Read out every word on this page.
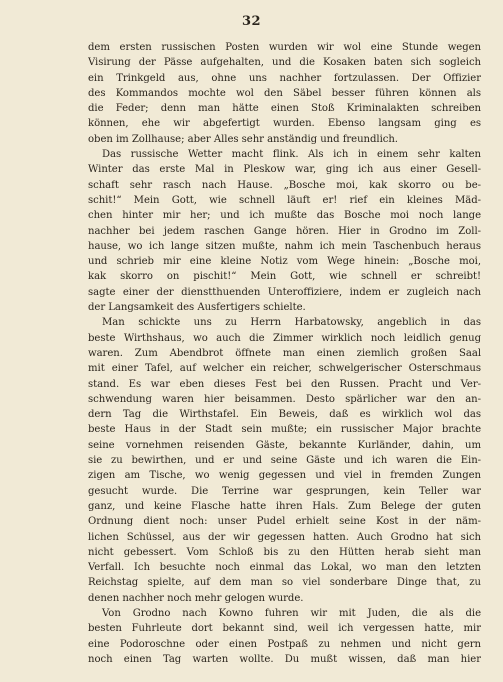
32
dem ersten russischen Posten wurden wir wol eine Stunde wegen
Visirung der Pässe aufgehalten, und die Kosaken baten sich sogleich
ein Trinkgeld aus, ohne uns nachher fortzulassen. Der Offizier
des Kommandos mochte wol den Säbel besser führen können als
die Feder; denn man hätte einen Stoß Kriminalakten schreiben
können, ehe wir abgefertigt wurden. Ebenso langsam ging es
oben im Zollhause; aber Alles sehr anständig und freundlich.
Das russische Wetter macht flink. Als ich in einem sehr kalten
Winter das erste Mal in Pleskow war, ging ich aus einer Gesell-
schaft sehr rasch nach Hause. „Bosche moi, kak skorro ou be-
schit!“ Mein Gott, wie schnell läuft er! rief ein kleines Mäd-
chen hinter mir her; und ich mußte das Bosche moi noch lange
nachher bei jedem raschen Gange hören. Hier in Grodno im Zoll-
hause, wo ich lange sitzen mußte, nahm ich mein Taschenbuch heraus
und schrieb mir eine kleine Notiz vom Wege hinein: „Bosche moi,
kak skorro on pischit!“ Mein Gott, wie schnell er schreibt!
sagte einer der dienstthuenden Unteroffiziere, indem er zugleich nach
der Langsamkeit des Ausfertigers schielte.
Man schickte uns zu Herrn Harbatowsky, angeblich in das
beste Wirthshaus, wo auch die Zimmer wirklich noch leidlich genug
waren. Zum Abendbrot öffnete man einen ziemlich großen Saal
mit einer Tafel, auf welcher ein reicher, schwelgerischer Osterschmaus
stand. Es war eben dieses Fest bei den Russen. Pracht und Ver-
schwendung waren hier beisammen. Desto spärlicher war den an-
dern Tag die Wirthstafel. Ein Beweis, daß es wirklich wol das
beste Haus in der Stadt sein mußte; ein russischer Major brachte
seine vornehmen reisenden Gäste, bekannte Kurländer, dahin, um
sie zu bewirthen, und er und seine Gäste und ich waren die Ein-
zigen am Tische, wo wenig gegessen und viel in fremden Zungen
gesucht wurde. Die Terrine war gesprungen, kein Teller war
ganz, und keine Flasche hatte ihren Hals. Zum Belege der guten
Ordnung dient noch: unser Pudel erhielt seine Kost in der näm-
lichen Schüssel, aus der wir gegessen hatten. Auch Grodno hat sich
nicht gebessert. Vom Schloß bis zu den Hütten herab sieht man
Verfall. Ich besuchte noch einmal das Lokal, wo man den letzten
Reichstag spielte, auf dem man so viel sonderbare Dinge that, zu
denen nachher noch mehr gelogen wurde.
Von Grodno nach Kowno fuhren wir mit Juden, die als die
besten Fuhrleute dort bekannt sind, weil ich vergessen hatte, mir
eine Podoroschne oder einen Postpaß zu nehmen und nicht gern
noch einen Tag warten wollte. Du mußt wissen, daß man hier
